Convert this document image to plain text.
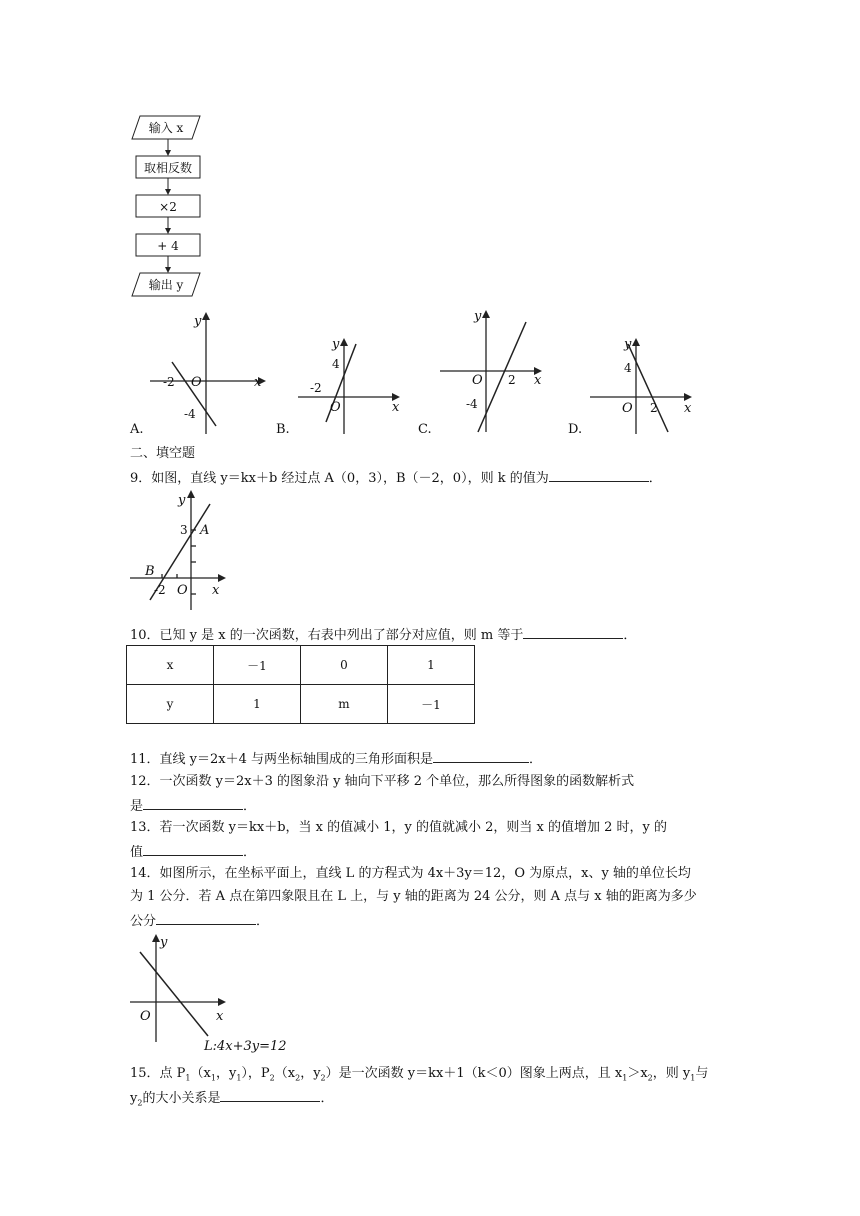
输入 x
取相反数
×2
+ 4
输出 y
y
x
O
-2
-4
A.
y
x
O
-2
4
B.
y
x
O 2
-4
C.
y
x
O 2
4
D.
二、填空题
9．如图，直线 y＝kx＋b 经过点 A（0，3），B（－2，0），则 k 的值为	．
y
x
A
B
O
3
-2
10．已知 y 是 x 的一次函数，右表中列出了部分对应值，则 m 等于	．
x	－1	0	1
y	1	m	－1
11．直线 y＝2x＋4 与两坐标轴围成的三角形面积是	．
12．一次函数 y＝2x＋3 的图象沿 y 轴向下平移 2 个单位，那么所得图象的函数解析式
是	．
13．若一次函数 y＝kx＋b，当 x 的值减小 1，y 的值就减小 2，则当 x 的值增加 2 时，y 的
值	．
14．如图所示，在坐标平面上，直线 L 的方程式为 4x＋3y＝12，O 为原点，x、y 轴的单位长均
为 1 公分．若 A 点在第四象限且在 L 上，与 y 轴的距离为 24 公分，则 A 点与 x 轴的距离为多少
公分	．
y
x
O
L:4x+3y=12
15．点 $P_1(x_1$，$y_1$），$P_2(x_2$，$y_2$）是一次函数 y＝kx＋1（k＜0）图象上两点，且 $x_1>x_2$，则 $y_1$与
$y_2$的大小关系是	．
